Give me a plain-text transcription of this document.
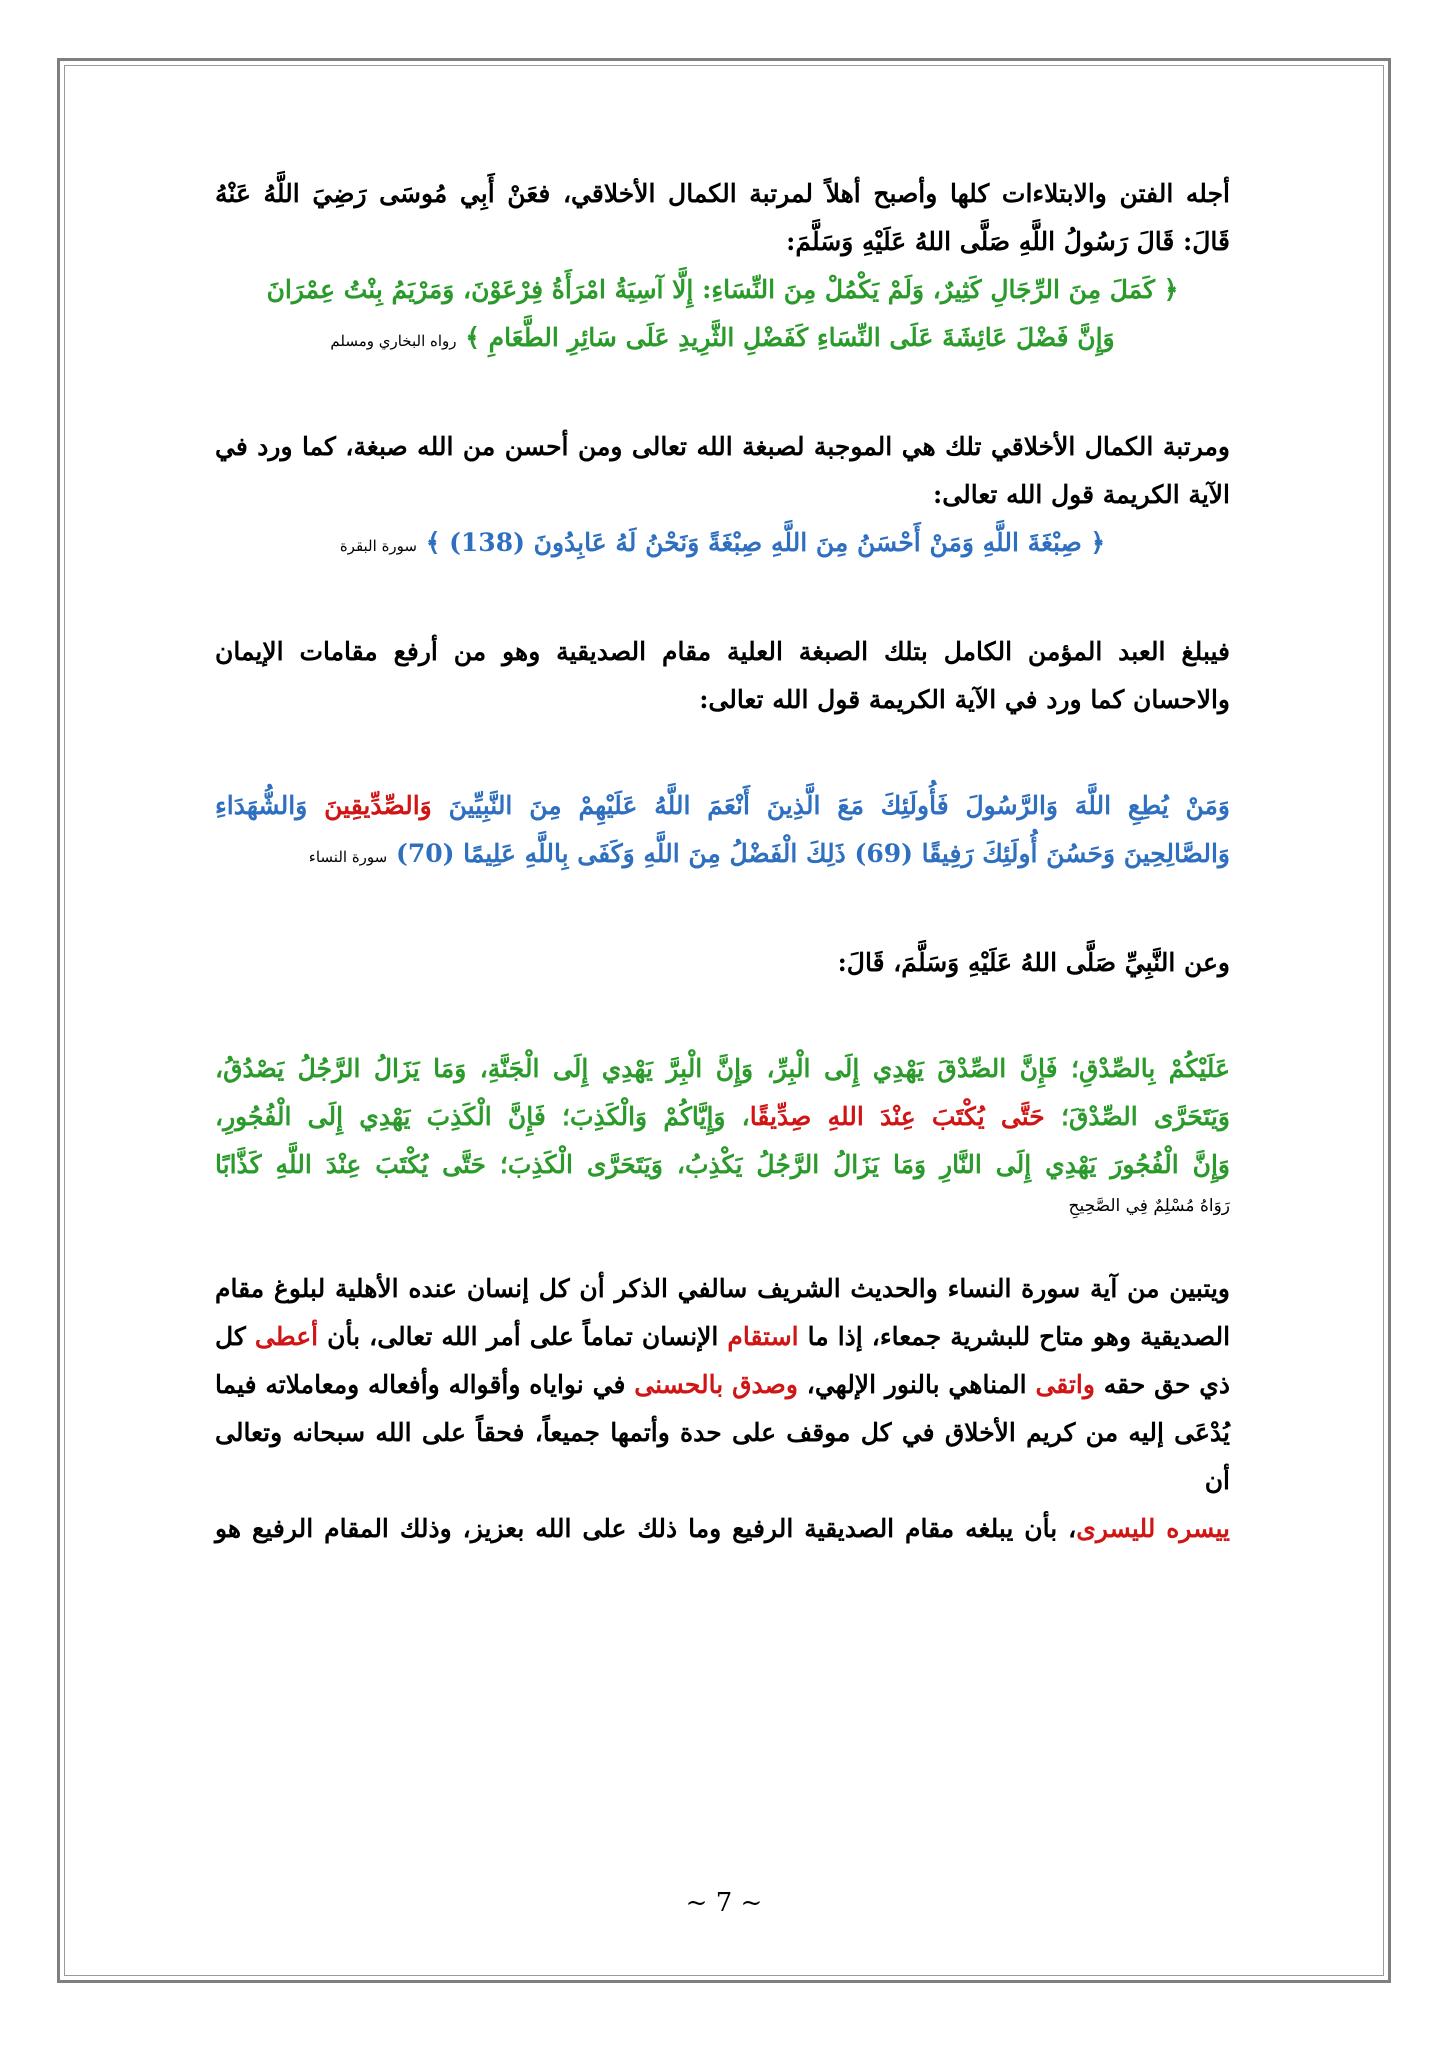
أجله الفتن والابتلاءات كلها وأصبح أهلاً لمرتبة الكمال الأخلاقي، فعَنْ أَبِي مُوسَى رَضِيَ اللَّهُ عَنْهُ

قَالَ: قَالَ رَسُولُ اللَّهِ صَلَّى اللهُ عَلَيْهِ وَسَلَّمَ:

﴿ كَمَلَ مِنَ الرِّجَالِ كَثِيرٌ، وَلَمْ يَكْمُلْ مِنَ النِّسَاءِ: إِلَّا آسِيَةُ امْرَأَةُ فِرْعَوْنَ، وَمَرْيَمُ بِنْتُ عِمْرَانَ

وَإِنَّ فَضْلَ عَائِشَةَ عَلَى النِّسَاءِ كَفَضْلِ الثَّرِيدِ عَلَى سَائِرِ الطَّعَامِ ﴾ رواه البخاري ومسلم

ومرتبة الكمال الأخلاقي تلك هي الموجبة لصبغة الله تعالى ومن أحسن من الله صبغة، كما ورد في

الآية الكريمة قول الله تعالى:

﴿ صِبْغَةَ اللَّهِ وَمَنْ أَحْسَنُ مِنَ اللَّهِ صِبْغَةً وَنَحْنُ لَهُ عَابِدُونَ (138) ﴾ سورة البقرة

فيبلغ العبد المؤمن الكامل بتلك الصبغة العلية مقام الصديقية وهو من أرفع مقامات الإيمان

والاحسان كما ورد في الآية الكريمة قول الله تعالى:

وَمَنْ يُطِعِ اللَّهَ وَالرَّسُولَ فَأُولَئِكَ مَعَ الَّذِينَ أَنْعَمَ اللَّهُ عَلَيْهِمْ مِنَ النَّبِيِّينَ وَالصِّدِّيقِينَ وَالشُّهَدَاءِ

وَالصَّالِحِينَ وَحَسُنَ أُولَئِكَ رَفِيقًا (69) ذَلِكَ الْفَضْلُ مِنَ اللَّهِ وَكَفَى بِاللَّهِ عَلِيمًا (70) سورة النساء

وعن النَّبِيِّ صَلَّى اللهُ عَلَيْهِ وَسَلَّمَ، قَالَ:

عَلَيْكُمْ بِالصِّدْقِ؛ فَإِنَّ الصِّدْقَ يَهْدِي إِلَى الْبِرِّ، وَإِنَّ الْبِرَّ يَهْدِي إِلَى الْجَنَّةِ، وَمَا يَزَالُ الرَّجُلُ يَصْدُقُ،

وَيَتَحَرَّى الصِّدْقَ؛ حَتَّى يُكْتَبَ عِنْدَ اللهِ صِدِّيقًا، وَإِيَّاكُمْ وَالْكَذِبَ؛ فَإِنَّ الْكَذِبَ يَهْدِي إِلَى الْفُجُورِ،

وَإِنَّ الْفُجُورَ يَهْدِي إِلَى النَّارِ وَمَا يَزَالُ الرَّجُلُ يَكْذِبُ، وَيَتَحَرَّى الْكَذِبَ؛ حَتَّى يُكْتَبَ عِنْدَ اللَّهِ كَذَّابًا

رَوَاهُ مُسْلِمٌ فِي الصَّحِيحِ

ويتبين من آية سورة النساء والحديث الشريف سالفي الذكر أن كل إنسان عنده الأهلية لبلوغ مقام

الصديقية وهو متاح للبشرية جمعاء، إذا ما استقام الإنسان تماماً على أمر الله تعالى، بأن أعطى كل

ذي حق حقه واتقى المناهي بالنور الإلهي، وصدق بالحسنى في نواياه وأقواله وأفعاله ومعاملاته فيما

يُدْعَى إليه من كريم الأخلاق في كل موقف على حدة وأتمها جميعاً، فحقاً على الله سبحانه وتعالى أن

ييسره لليسرى، بأن يبلغه مقام الصديقية الرفيع وما ذلك على الله بعزيز، وذلك المقام الرفيع هو

~ 7 ~
